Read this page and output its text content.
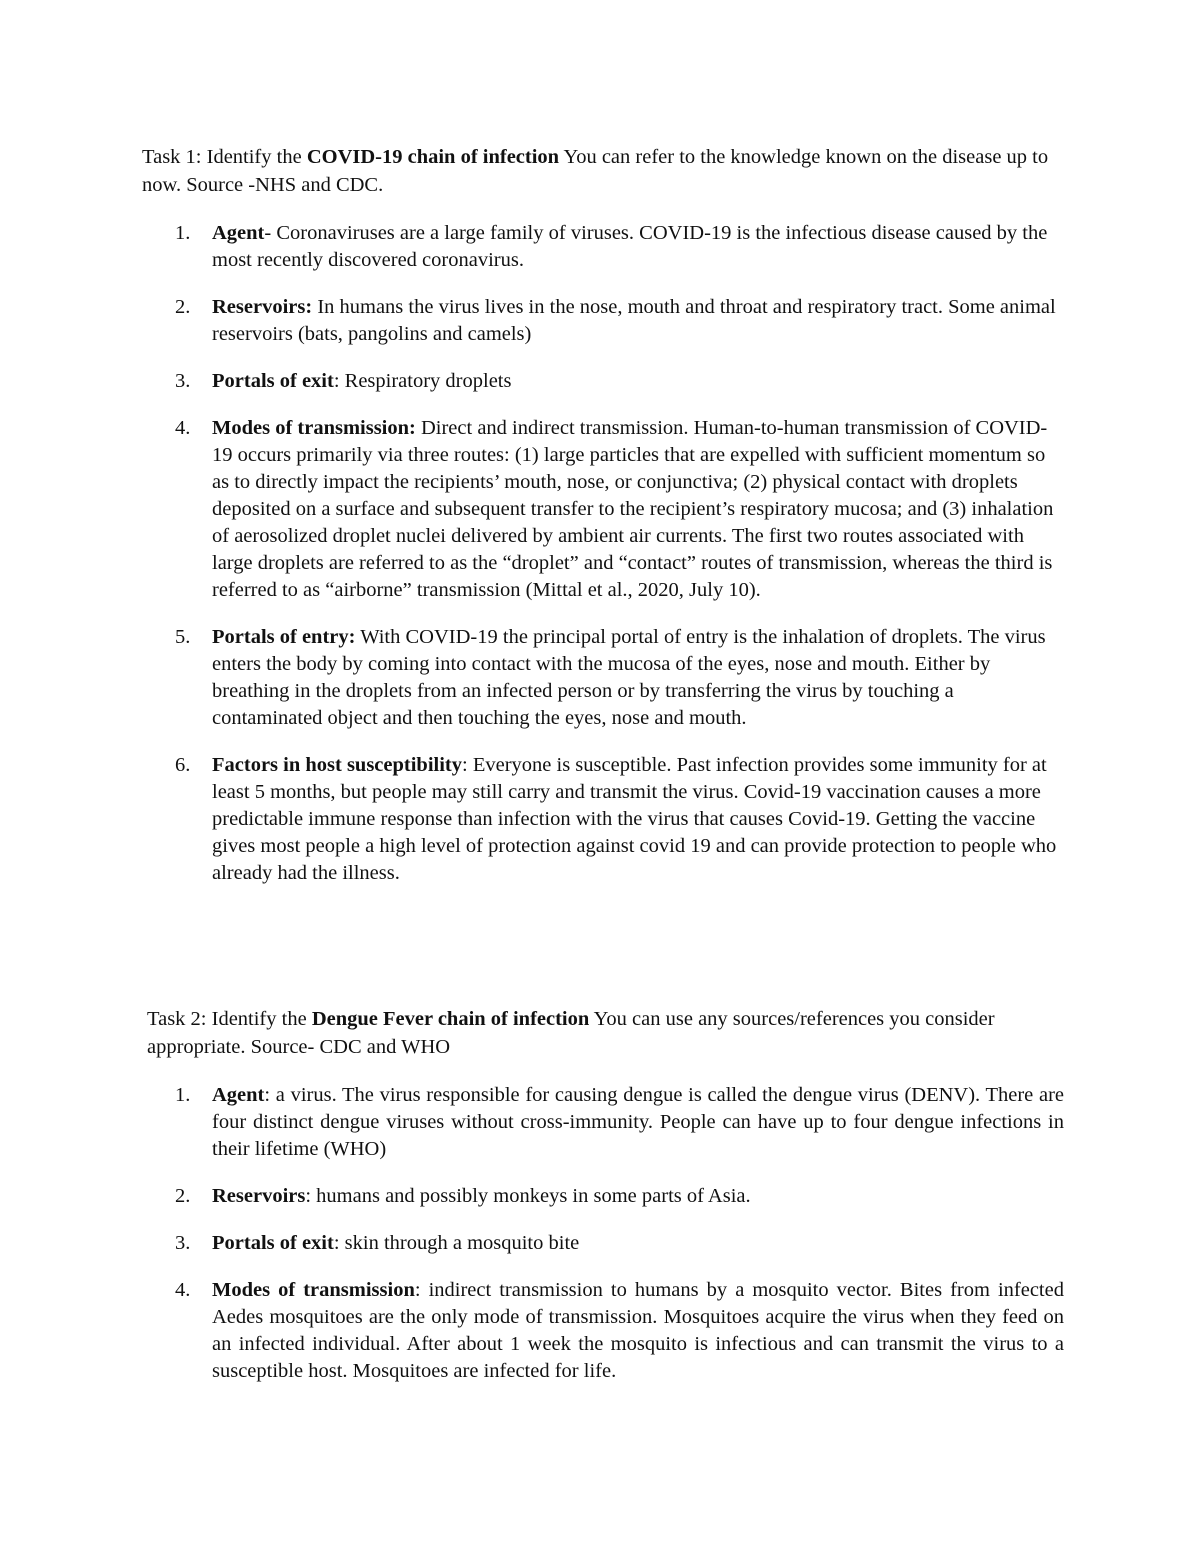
Task 1: Identify the COVID-19 chain of infection You can refer to the knowledge known on the disease up to now. Source -NHS and CDC.

1. Agent- Coronaviruses are a large family of viruses. COVID-19 is the infectious disease caused by the most recently discovered coronavirus.
2. Reservoirs: In humans the virus lives in the nose, mouth and throat and respiratory tract. Some animal reservoirs (bats, pangolins and camels)
3. Portals of exit: Respiratory droplets
4. Modes of transmission: Direct and indirect transmission. Human-to-human transmission of COVID-19 occurs primarily via three routes: (1) large particles that are expelled with sufficient momentum so as to directly impact the recipients’ mouth, nose, or conjunctiva; (2) physical contact with droplets deposited on a surface and subsequent transfer to the recipient’s respiratory mucosa; and (3) inhalation of aerosolized droplet nuclei delivered by ambient air currents. The first two routes associated with large droplets are referred to as the “droplet” and “contact” routes of transmission, whereas the third is referred to as “airborne” transmission (Mittal et al., 2020, July 10).
5. Portals of entry: With COVID-19 the principal portal of entry is the inhalation of droplets. The virus enters the body by coming into contact with the mucosa of the eyes, nose and mouth. Either by breathing in the droplets from an infected person or by transferring the virus by touching a contaminated object and then touching the eyes, nose and mouth.
6. Factors in host susceptibility: Everyone is susceptible. Past infection provides some immunity for at least 5 months, but people may still carry and transmit the virus. Covid-19 vaccination causes a more predictable immune response than infection with the virus that causes Covid-19. Getting the vaccine gives most people a high level of protection against covid 19 and can provide protection to people who already had the illness.

Task 2: Identify the Dengue Fever chain of infection You can use any sources/references you consider appropriate. Source- CDC and WHO

1. Agent: a virus. The virus responsible for causing dengue is called the dengue virus (DENV). There are four distinct dengue viruses without cross-immunity. People can have up to four dengue infections in their lifetime (WHO)
2. Reservoirs: humans and possibly monkeys in some parts of Asia.
3. Portals of exit: skin through a mosquito bite
4. Modes of transmission: indirect transmission to humans by a mosquito vector. Bites from infected Aedes mosquitoes are the only mode of transmission. Mosquitoes acquire the virus when they feed on an infected individual. After about 1 week the mosquito is infectious and can transmit the virus to a susceptible host. Mosquitoes are infected for life.
